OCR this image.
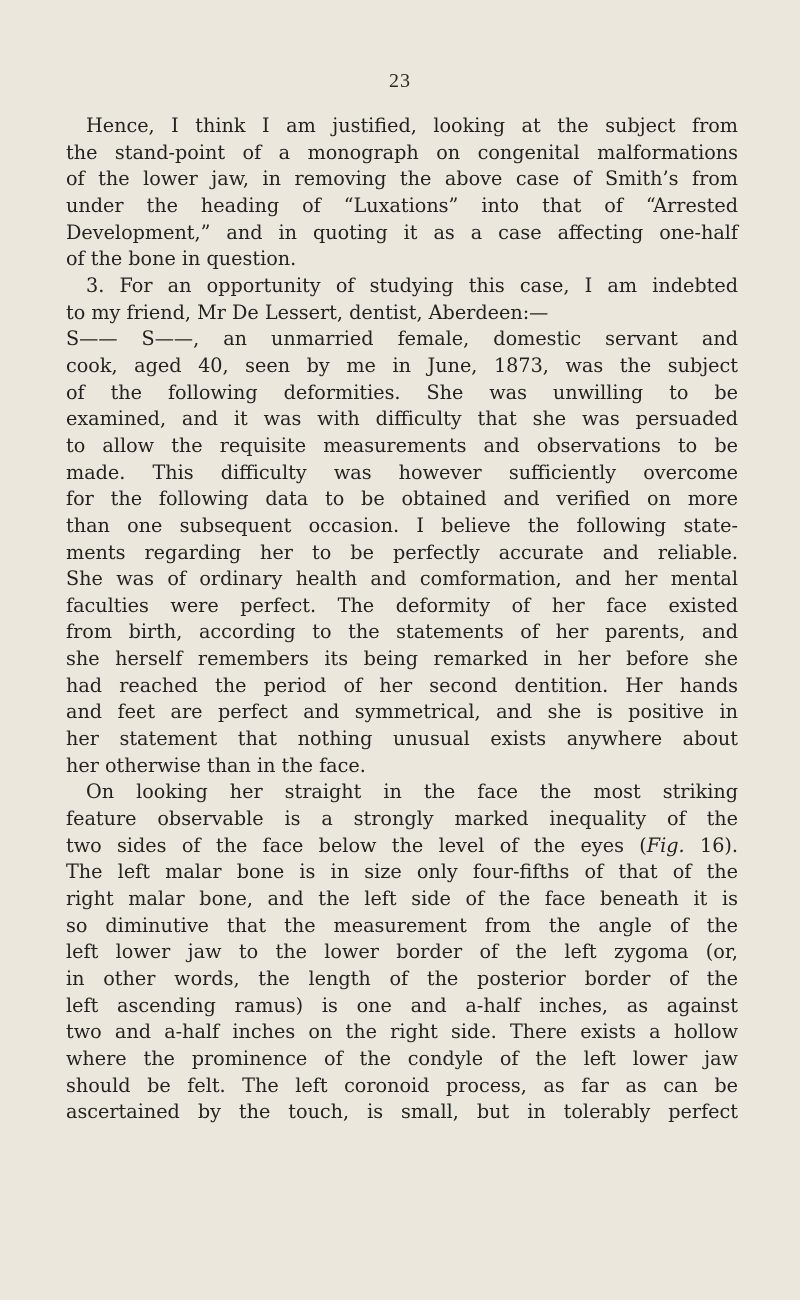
23
Hence, I think I am justified, looking at the subject from
the stand-point of a monograph on congenital malformations
of the lower jaw, in removing the above case of Smith’s from
under the heading of “Luxations” into that of “Arrested
Development,” and in quoting it as a case affecting one-half
of the bone in question.
3. For an opportunity of studying this case, I am indebted
to my friend, Mr De Lessert, dentist, Aberdeen:—
S—— S——, an unmarried female, domestic servant and
cook, aged 40, seen by me in June, 1873, was the subject
of the following deformities. She was unwilling to be
examined, and it was with difficulty that she was persuaded
to allow the requisite measurements and observations to be
made. This difficulty was however sufficiently overcome
for the following data to be obtained and verified on more
than one subsequent occasion. I believe the following state-
ments regarding her to be perfectly accurate and reliable.
She was of ordinary health and comformation, and her mental
faculties were perfect. The deformity of her face existed
from birth, according to the statements of her parents, and
she herself remembers its being remarked in her before she
had reached the period of her second dentition. Her hands
and feet are perfect and symmetrical, and she is positive in
her statement that nothing unusual exists anywhere about
her otherwise than in the face.
On looking her straight in the face the most striking
feature observable is a strongly marked inequality of the
two sides of the face below the level of the eyes (Fig. 16).
The left malar bone is in size only four-fifths of that of the
right malar bone, and the left side of the face beneath it is
so diminutive that the measurement from the angle of the
left lower jaw to the lower border of the left zygoma (or,
in other words, the length of the posterior border of the
left ascending ramus) is one and a-half inches, as against
two and a-half inches on the right side. There exists a hollow
where the prominence of the condyle of the left lower jaw
should be felt. The left coronoid process, as far as can be
ascertained by the touch, is small, but in tolerably perfect
